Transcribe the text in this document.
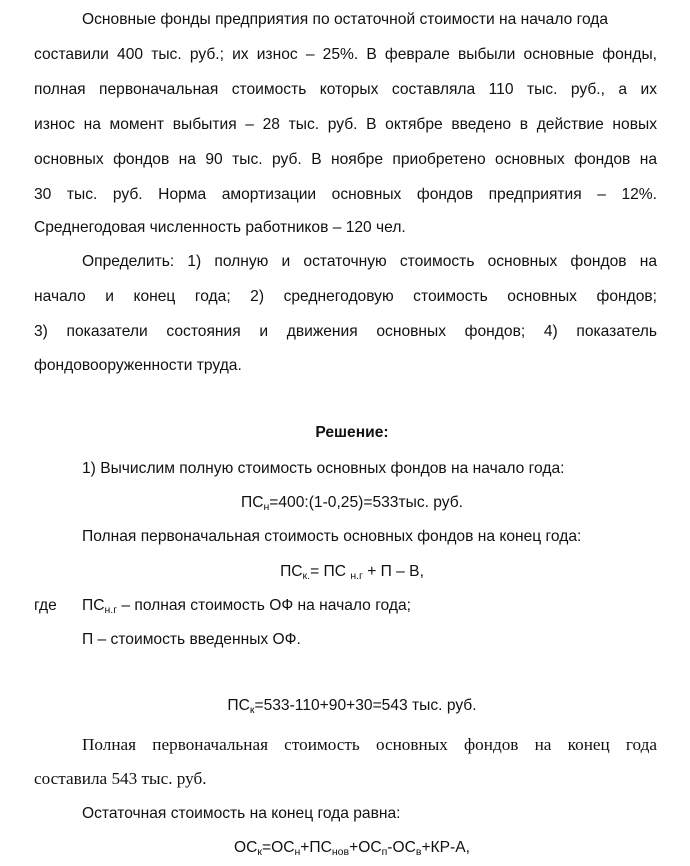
Основные фонды предприятия по остаточной стоимости на начало года
составили 400 тыс. руб.; их износ – 25%. В феврале выбыли основные фонды,
полная первоначальная стоимость которых составляла 110 тыс. руб., а их
износ на момент выбытия – 28 тыс. руб. В октябре введено в действие новых
основных фондов на 90 тыс. руб. В ноябре приобретено основных фондов на
30 тыс. руб. Норма амортизации основных фондов предприятия – 12%.
Среднегодовая численность работников – 120 чел.
Определить: 1) полную и остаточную стоимость основных фондов на
начало и конец года; 2) среднегодовую стоимость основных фондов;
3) показатели состояния и движения основных фондов; 4) показатель
фондовооруженности труда.
Решение:
1) Вычислим полную стоимость основных фондов на начало года:
$ПС_н=400:(1-0,25)=533тыс$. руб.
Полная первоначальная стоимость основных фондов на конец года:
$ПС_{к.}=$ ПС $_{н.г}$ + П – В,
где $ПС_{н.г}$ – полная стоимость ОФ на начало года;
П – стоимость введенных ОФ.
$ПС_к=533-110+90+30=543$ тыс. руб.
Полная первоначальная стоимость основных фондов на конец года
составила 543 тыс. руб.
Остаточная стоимость на конец года равна:
$ОС_к=ОС_н+ПС_{нов}+ОС_п-ОС_в+КР-А$,
